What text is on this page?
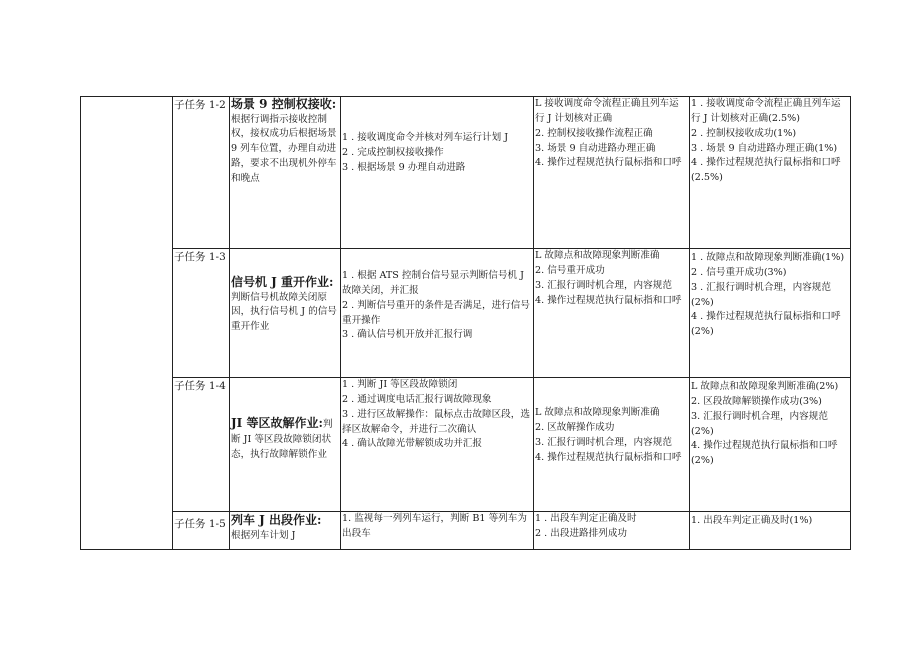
	子任务 1-2	场景 9 控制权接收:
根据行调指示接收控制权，接权成功后根据场景 9 列车位置，办理自动进路，要求不出现机外停车和晚点	1 . 接收调度命令并核对列车运行计划 J
2 . 完成控制权接收操作
3 . 根据场景 9 办理自动进路	L 接收调度命令流程正确且列车运行 J 计划核对正确
2. 控制权接收操作流程正确
3. 场景 9 自动进路办理正确
4. 操作过程规范执行鼠标指和口呼	1 . 接收调度命令流程正确且列车运行 J 计划核对正确(2.5%)
2 . 控制权接收成功(1%)
3 . 场景 9 自动进路办理正确(1%)
4 . 操作过程规范执行鼠标指和口呼(2.5%)

	子任务 1-3	信号机 J 重开作业:
判断信号机故障关闭原因，执行信号机 J 的信号重开作业	1 . 根据 ATS 控制台信号显示判断信号机 J 故障关闭，并汇报
2 . 判断信号重开的条件是否满足，进行信号重开操作
3 . 确认信号机开放并汇报行调	L 故障点和故障现象判断准确
2. 信号重开成功
3. 汇报行调时机合理，内容规范
4. 操作过程规范执行鼠标指和口呼	1 . 故障点和故障现象判断准确(1%)
2 . 信号重开成功(3%)
3 . 汇报行调时机合理，内容规范(2%)
4 . 操作过程规范执行鼠标指和口呼(2%)

	子任务 1-4	JI 等区故解作业:判断 JI 等区段故障锁闭状态，执行故障解锁作业	1 . 判断 JI 等区段故障锁闭
2 . 通过调度电话汇报行调故障现象
3 . 进行区故解操作：鼠标点击故障区段，选择区故解命令，并进行二次确认
4 . 确认故障光带解锁成功并汇报	L 故障点和故障现象判断准确
2. 区故解操作成功
3. 汇报行调时机合理，内容规范
4. 操作过程规范执行鼠标指和口呼	L 故障点和故障现象判断准确(2%)
2. 区段故障解锁操作成功(3%)
3. 汇报行调时机合理，内容规范(2%)
4. 操作过程规范执行鼠标指和口呼(2%)

	子任务 1-5	列车 J 出段作业:
根据列车计划 J	1. 监视每一列列车运行，判断 B1 等列车为出段车	1 . 出段车判定正确及时
2 . 出段进路排列成功	1. 出段车判定正确及时(1%)
